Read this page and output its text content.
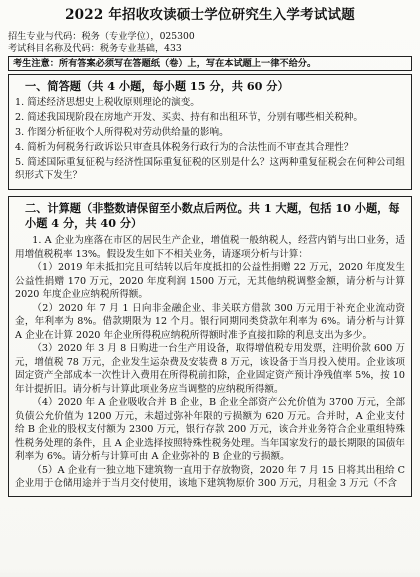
2022 年招收攻读硕士学位研究生入学考试试题
招生专业与代码：税务（专业学位），025300
考试科目名称及代码：税务专业基础，433
考生注意：所有答案必须写在答题纸（卷）上，写在本试题上一律不给分。
一、简答题（共 4 小题，每小题 15 分，共 60 分）
1. 简述经济思想史上税收原则理论的演变。
2. 简述我国现阶段在房地产开发、买卖、持有和出租环节，分别有哪些相关税种。
3. 作图分析征收个人所得税对劳动供给量的影响。
4. 简析为何税务行政诉讼只审查具体税务行政行为的合法性而不审查其合理性？
5. 简述国际重复征税与经济性国际重复征税的区别是什么？这两种重复征税会在何种公司组织形式下发生？
二、计算题（非整数请保留至小数点后两位。共 1 大题，包括 10 小题，每小题 4 分，共 40 分）

1. A 企业为座落在市区的居民生产企业，增值税一般纳税人，经营内销与出口业务，适用增值税税率 13%。假设发生如下不相关业务，请逐项分析与计算：

（1）2019 年未抵扣完且可结转以后年度抵扣的公益性捐赠 22 万元，2020 年度发生公益性捐赠 170 万元，2020 年度利润 1500 万元，无其他纳税调整金额，请分析与计算 2020 年度企业应纳税所得额。

（2）2020 年 7 月 1 日向非金融企业、非关联方借款 300 万元用于补充企业流动资金，年利率为 8%。借款期限为 12 个月。银行同期同类贷款年利率为 6%。请分析与计算 A 企业在计算 2020 年企业所得税应纳税所得额时准予直接扣除的利息支出为多少。

（3）2020 年 3 月 8 日购进一台生产用设备，取得增值税专用发票，注明价款 600 万元，增值税 78 万元，企业发生运杂费及安装费 8 万元，该设备于当月投入使用。企业该项固定资产全部成本一次性计入费用在所得税前扣除，企业固定资产预计净残值率 5%，按 10 年计提折旧。请分析与计算此项业务应当调整的应纳税所得额。

（4）2020 年 A 企业吸收合并 B 企业，B 企业全部资产公允价值为 3700 万元，全部负债公允价值为 1200 万元，未超过弥补年限的亏损额为 620 万元。合并时，A 企业支付给 B 企业的股权支付额为 2300 万元，银行存款 200 万元，该合并业务符合企业重组特殊性税务处理的条件，且 A 企业选择按照特殊性税务处理。当年国家发行的最长期限的国债年利率为 6%。请分析与计算可由 A 企业弥补的 B 企业的亏损额。

（5）A 企业有一独立地下建筑物一直用于存放物资，2020 年 7 月 15 日将其出租给 C 企业用于仓储用途并于当月交付使用，该地下建筑物原价 300 万元，月租金 3 万元（不含
